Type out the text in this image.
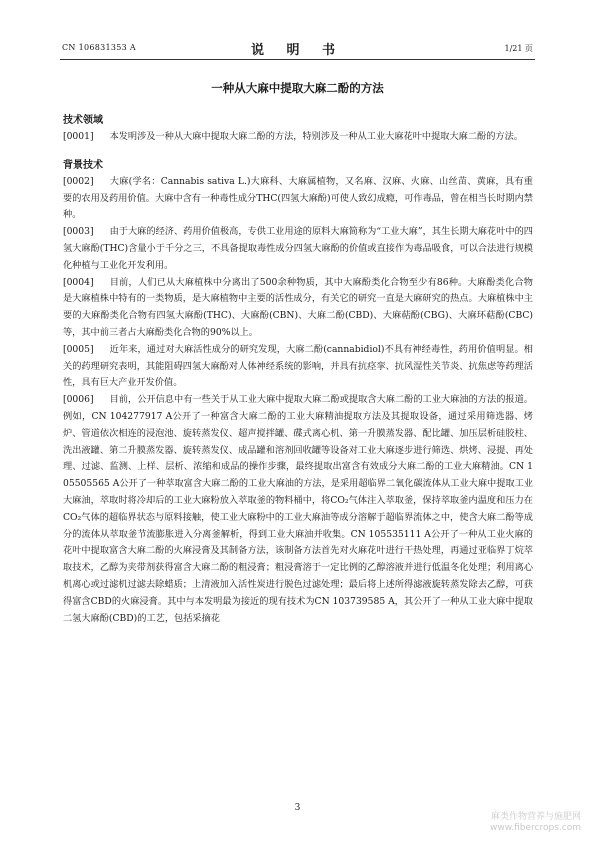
CN 106831353 A	说 明 书	1/21 页
一种从大麻中提取大麻二酚的方法
技术领域
[0001] 本发明涉及一种从大麻中提取大麻二酚的方法，特别涉及一种从工业大麻花叶中提取大麻二酚的方法。
背景技术
[0002] 大麻(学名：Cannabis sativa L.)大麻科、大麻属植物，又名麻、汉麻、火麻、山丝苗、黄麻，具有重要的农用及药用价值。大麻中含有一种毒性成分THC(四氢大麻酚)可使人致幻成瘾，可作毒品，曾在相当长时期内禁种。
[0003] 由于大麻的经济、药用价值极高，专供工业用途的原料大麻简称为“工业大麻”，其生长期大麻花叶中的四氢大麻酚(THC)含量小于千分之三，不具备提取毒性成分四氢大麻酚的价值或直接作为毒品吸食，可以合法进行规模化种植与工业化开发利用。
[0004] 目前，人们已从大麻植株中分离出了500余种物质，其中大麻酚类化合物至少有86种。大麻酚类化合物是大麻植株中特有的一类物质，是大麻植物中主要的活性成分，有关它的研究一直是大麻研究的热点。大麻植株中主要的大麻酚类化合物有四氢大麻酚(THC)、大麻酚(CBN)、大麻二酚(CBD)、大麻萜酚(CBG)、大麻环萜酚(CBC)等，其中前三者占大麻酚类化合物的90%以上。
[0005] 近年来，通过对大麻活性成分的研究发现，大麻二酚(cannabidiol)不具有神经毒性，药用价值明显。相关的药理研究表明，其能阻碍四氢大麻酚对人体神经系统的影响，并具有抗痉挛、抗风湿性关节炎、抗焦虑等药理活性，具有巨大产业开发价值。
[0006] 目前，公开信息中有一些关于从工业大麻中提取大麻二酚或提取含大麻二酚的工业大麻油的方法的报道。例如，CN 104277917 A公开了一种富含大麻二酚的工业大麻精油提取方法及其提取设备，通过采用筛选器、烤炉、管道依次相连的浸泡池、旋转蒸发仪、超声搅拌罐、碟式离心机、第一升膜蒸发器、配比罐、加压层析硅胶柱、洗出液罐、第二升膜蒸发器、旋转蒸发仪、成品罐和溶剂回收罐等设备对工业大麻逐步进行筛选、烘烤、浸提、再处理、过滤、监测、上样、层析、浓缩和成品的操作步骤，最终提取出富含有效成分大麻二酚的工业大麻精油。CN 105505565 A公开了一种萃取富含大麻二酚的工业大麻油的方法，是采用超临界二氧化碳流体从工业大麻中提取工业大麻油，萃取时将冷却后的工业大麻粉放入萃取釜的物料桶中，将CO₂气体注入萃取釜，保持萃取釜内温度和压力在CO₂气体的超临界状态与原料接触，使工业大麻粉中的工业大麻油等成分溶解于超临界流体之中，使含大麻二酚等成分的流体从萃取釜节流膨胀进入分离釜解析，得到工业大麻油并收集。CN 105535111 A公开了一种从工业火麻的花叶中提取富含大麻二酚的火麻浸膏及其制备方法，该制备方法首先对火麻花叶进行干热处理，再通过亚临界丁烷萃取技术，乙醇为夹带剂获得富含大麻二酚的粗浸膏；粗浸膏溶于一定比例的乙醇溶液并进行低温冬化处理；利用离心机离心或过滤机过滤去除蜡质；上清液加入活性炭进行脱色过滤处理；最后将上述所得滤液旋转蒸发除去乙醇，可获得富含CBD的火麻浸膏。其中与本发明最为接近的现有技术为CN 103739585 A，其公开了一种从工业大麻中提取二氢大麻酚(CBD)的工艺，包括采摘花
3
麻类作物营养与施肥网
www.fibercrops.com
